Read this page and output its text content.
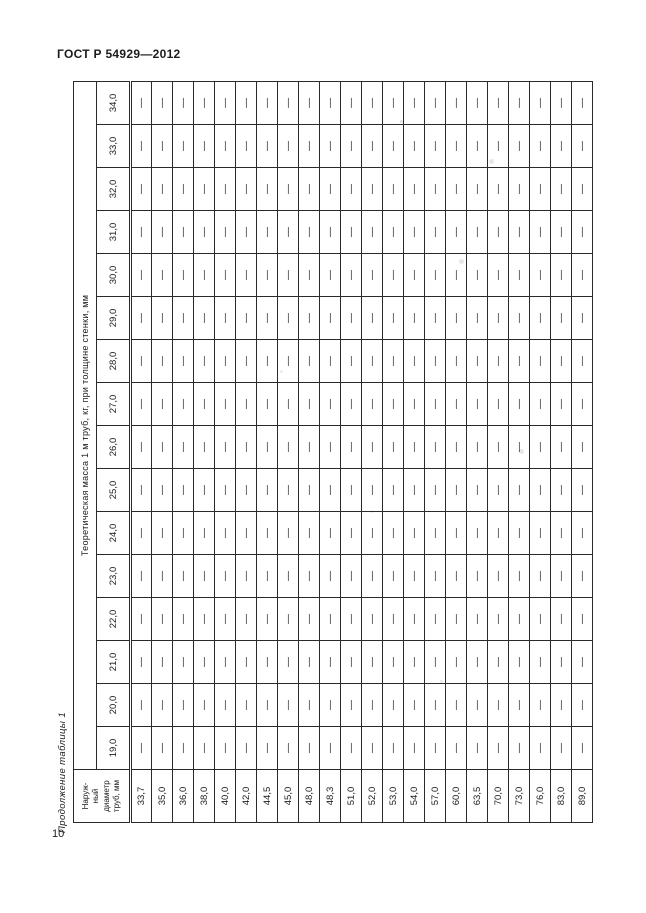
ГОСТ Р 54929—2012
Наруж- ный диаметр труб, мм	Теоретическая масса 1 м труб, кг, при толщине стенки, мм															
	19,0	20,0	21,0	22,0	23,0	24,0	25,0	26,0	27,0	28,0	29,0	30,0	31,0	32,0	33,0	34,0
33,7	—	—	—	—	—	—	—	—	—	—	—	—	—	—	—	—
35,0	—	—	—	—	—	—	—	—	—	—	—	—	—	—	—	—
36,0	—	—	—	—	—	—	—	—	—	—	—	—	—	—	—	—
38,0	—	—	—	—	—	—	—	—	—	—	—	—	—	—	—	—
40,0	—	—	—	—	—	—	—	—	—	—	—	—	—	—	—	—
42,0	—	—	—	—	—	—	—	—	—	—	—	—	—	—	—	—
44,5	—	—	—	—	—	—	—	—	—	—	—	—	—	—	—	—
45,0	—	—	—	—	—	—	—	—	—	—	—	—	—	—	—	—
48,0	—	—	—	—	—	—	—	—	—	—	—	—	—	—	—	—
48,3	—	—	—	—	—	—	—	—	—	—	—	—	—	—	—	—
51,0	—	—	—	—	—	—	—	—	—	—	—	—	—	—	—	—
52,0	—	—	—	—	—	—	—	—	—	—	—	—	—	—	—	—
53,0	—	—	—	—	—	—	—	—	—	—	—	—	—	—	—	—
54,0	—	—	—	—	—	—	—	—	—	—	—	—	—	—	—	—
57,0	—	—	—	—	—	—	—	—	—	—	—	—	—	—	—	—
60,0	—	—	—	—	—	—	—	—	—	—	—	—	—	—	—	—
63,5	—	—	—	—	—	—	—	—	—	—	—	—	—	—	—	—
70,0	—	—	—	—	—	—	—	—	—	—	—	—	—	—	—	—
73,0	—	—	—	—	—	—	—	—	—	—	—	—	—	—	—	—
76,0	—	—	—	—	—	—	—	—	—	—	—	—	—	—	—	—
83,0	—	—	—	—	—	—	—	—	—	—	—	—	—	—	—	—
89,0	—	—	—	—	—	—	—	—	—	—	—	—	—	—	—	—
Продолжение таблицы 1
10
